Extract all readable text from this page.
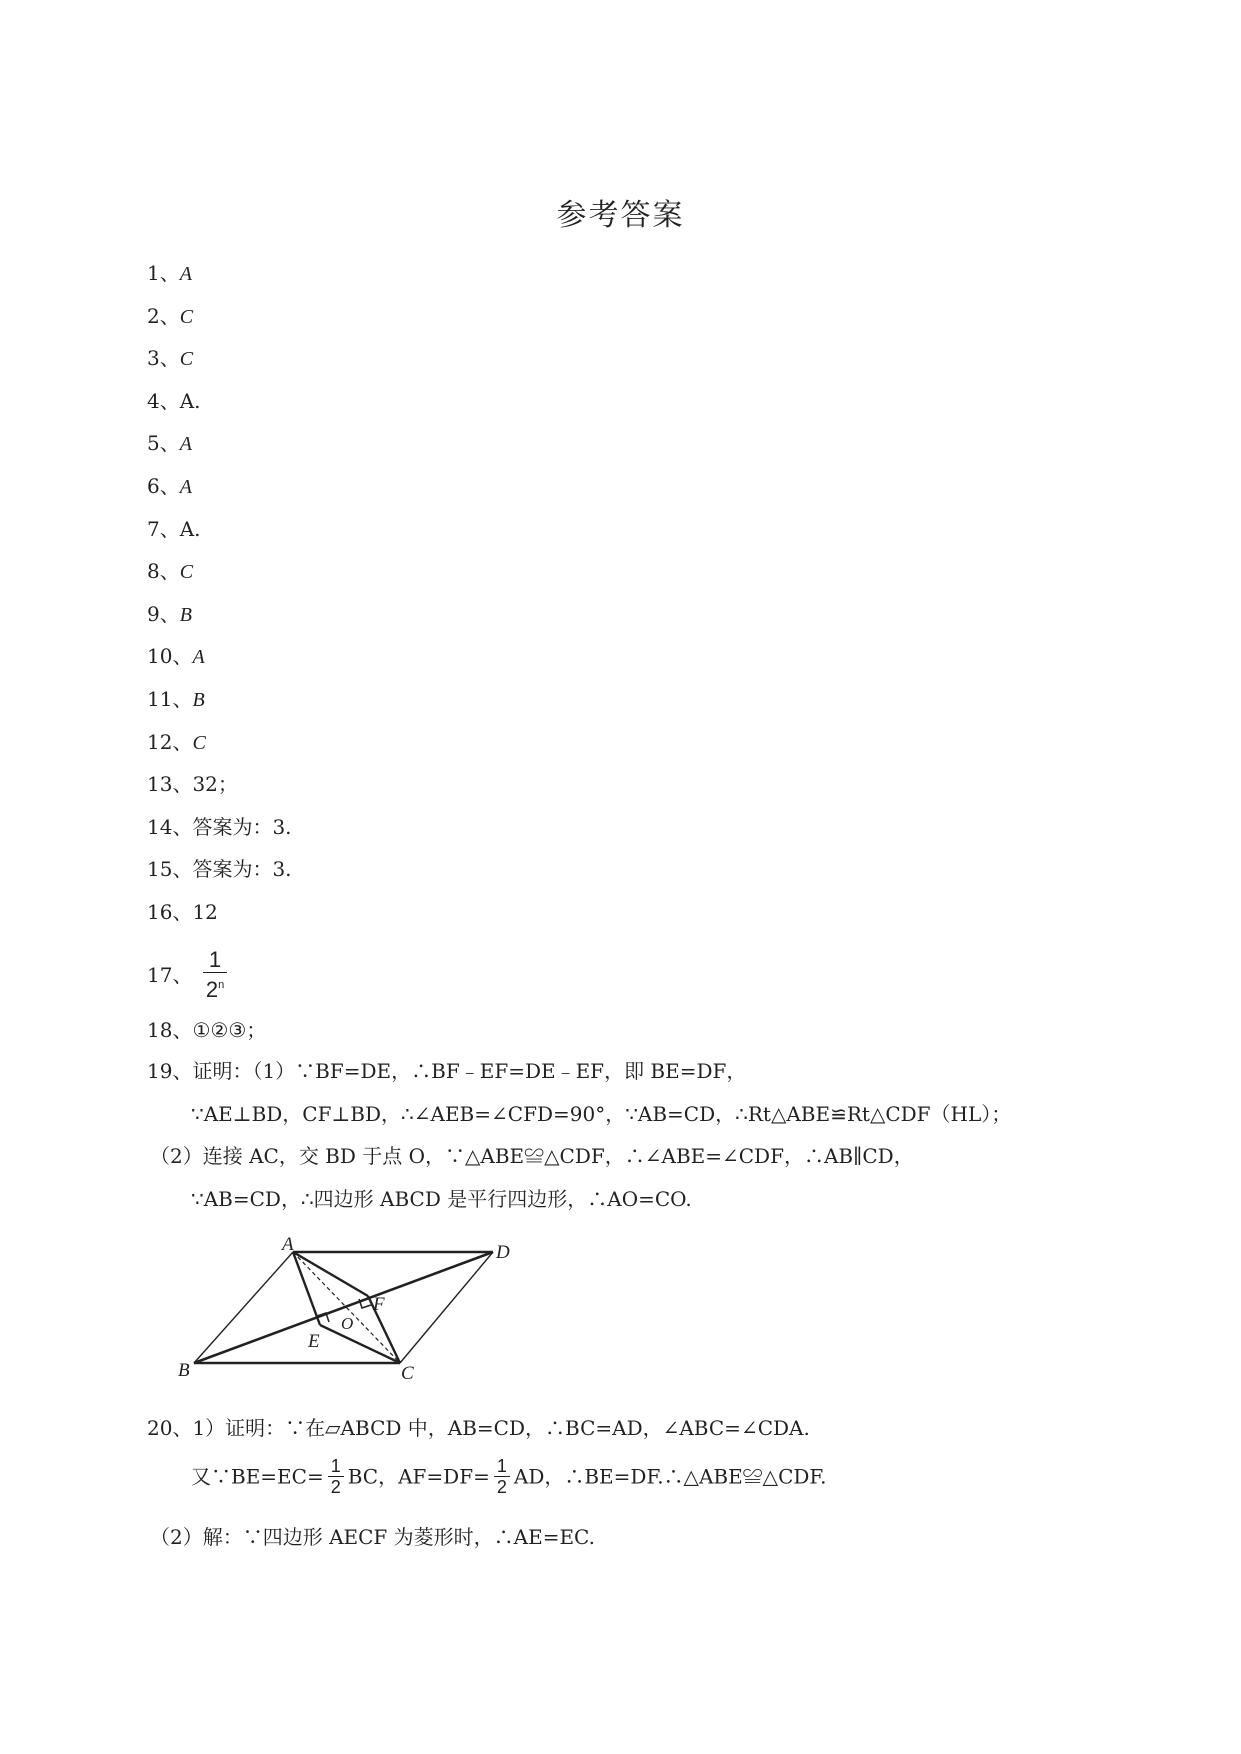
参考答案
1、A
2、C
3、C
4、A.
5、A
6、A
7、A.
8、C
9、B
10、A
11、B
12、C
13、32；
14、答案为：3.
15、答案为：3.
16、12
17、 $\frac{1}{2^n}$
18、①②③；
19、证明：（1）∵BF=DE，∴BF﹣EF=DE﹣EF，即 BE=DF，
∵AE⊥BD，CF⊥BD，∴∠AEB=∠CFD=90°，∵AB=CD，∴Rt△ABE≌Rt△CDF（HL）；
（2）连接 AC，交 BD 于点 O，∵△ABE≌△CDF，∴∠ABE=∠CDF，∴AB∥CD，
∵AB=CD，∴四边形 ABCD 是平行四边形，∴AO=CO.
A	D
B	C
E
F
O
20、1）证明：∵在▱ABCD 中，AB=CD，∴BC=AD，∠ABC=∠CDA.
又∵BE=EC= $\frac{1}{2}$ BC，$AF=DF= \frac{1}{2}$ AD，∴BE=DF.∴△ABE≌△CDF.
（2）解：∵四边形 AECF 为菱形时，∴AE=EC.
